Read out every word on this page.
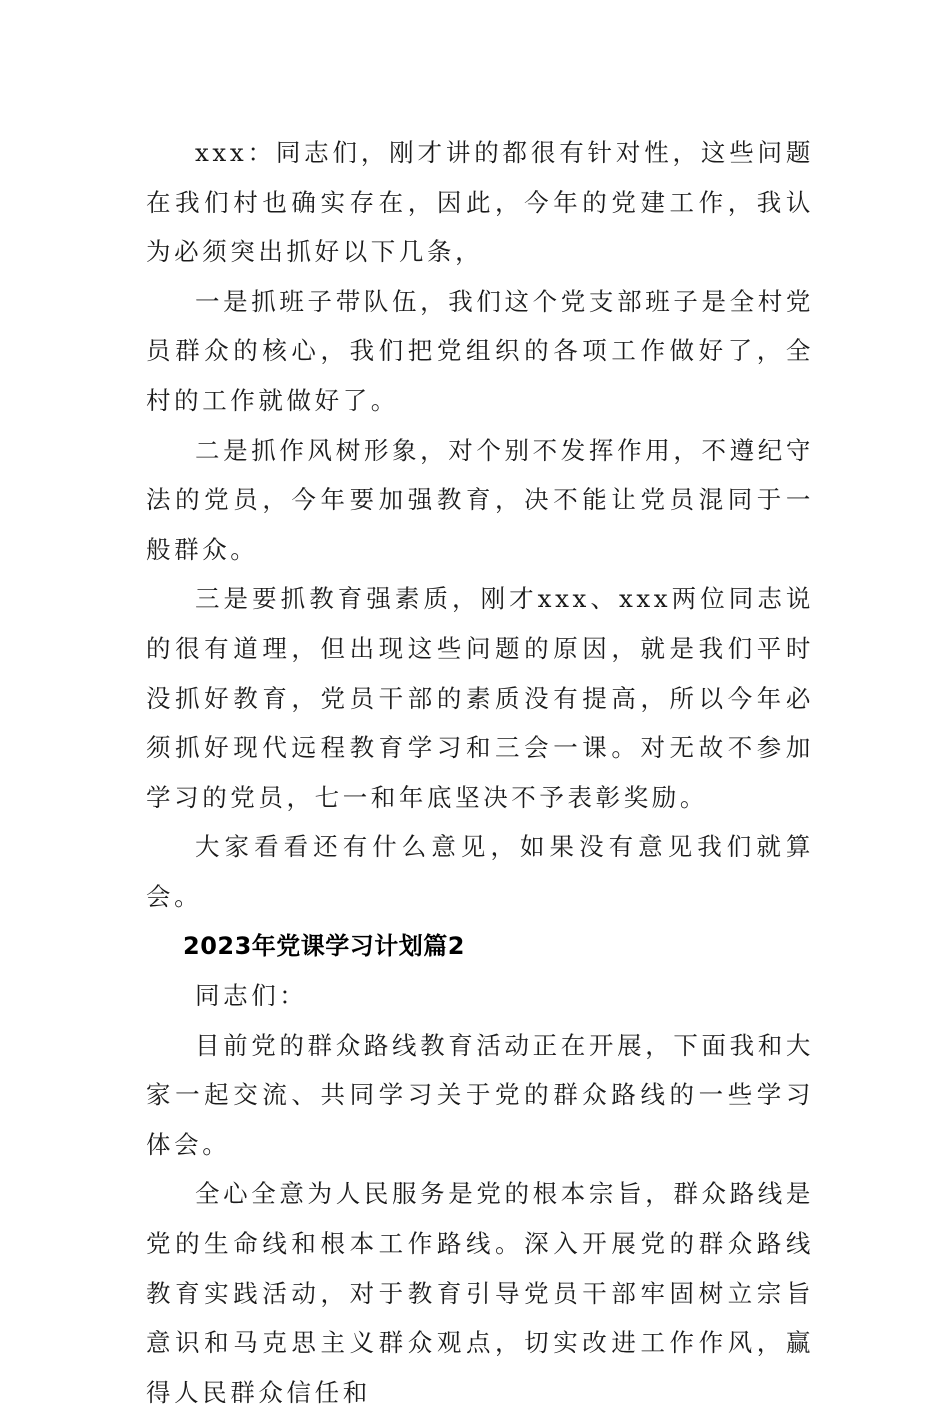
xxx：同志们，刚才讲的都很有针对性，这些问题在我们村也确实存在，因此，今年的党建工作，我认为必须突出抓好以下几条，

一是抓班子带队伍，我们这个党支部班子是全村党员群众的核心，我们把党组织的各项工作做好了，全村的工作就做好了。

二是抓作风树形象，对个别不发挥作用，不遵纪守法的党员，今年要加强教育，决不能让党员混同于一般群众。

三是要抓教育强素质，刚才xxx、xxx两位同志说的很有道理，但出现这些问题的原因，就是我们平时没抓好教育，党员干部的素质没有提高，所以今年必须抓好现代远程教育学习和三会一课。对无故不参加学习的党员，七一和年底坚决不予表彰奖励。

大家看看还有什么意见，如果没有意见我们就算会。

2023年党课学习计划篇2

同志们：

目前党的群众路线教育活动正在开展，下面我和大家一起交流、共同学习关于党的群众路线的一些学习体会。

全心全意为人民服务是党的根本宗旨，群众路线是党的生命线和根本工作路线。深入开展党的群众路线教育实践活动，对于教育引导党员干部牢固树立宗旨意识和马克思主义群众观点，切实改进工作作风，赢得人民群众信任和
